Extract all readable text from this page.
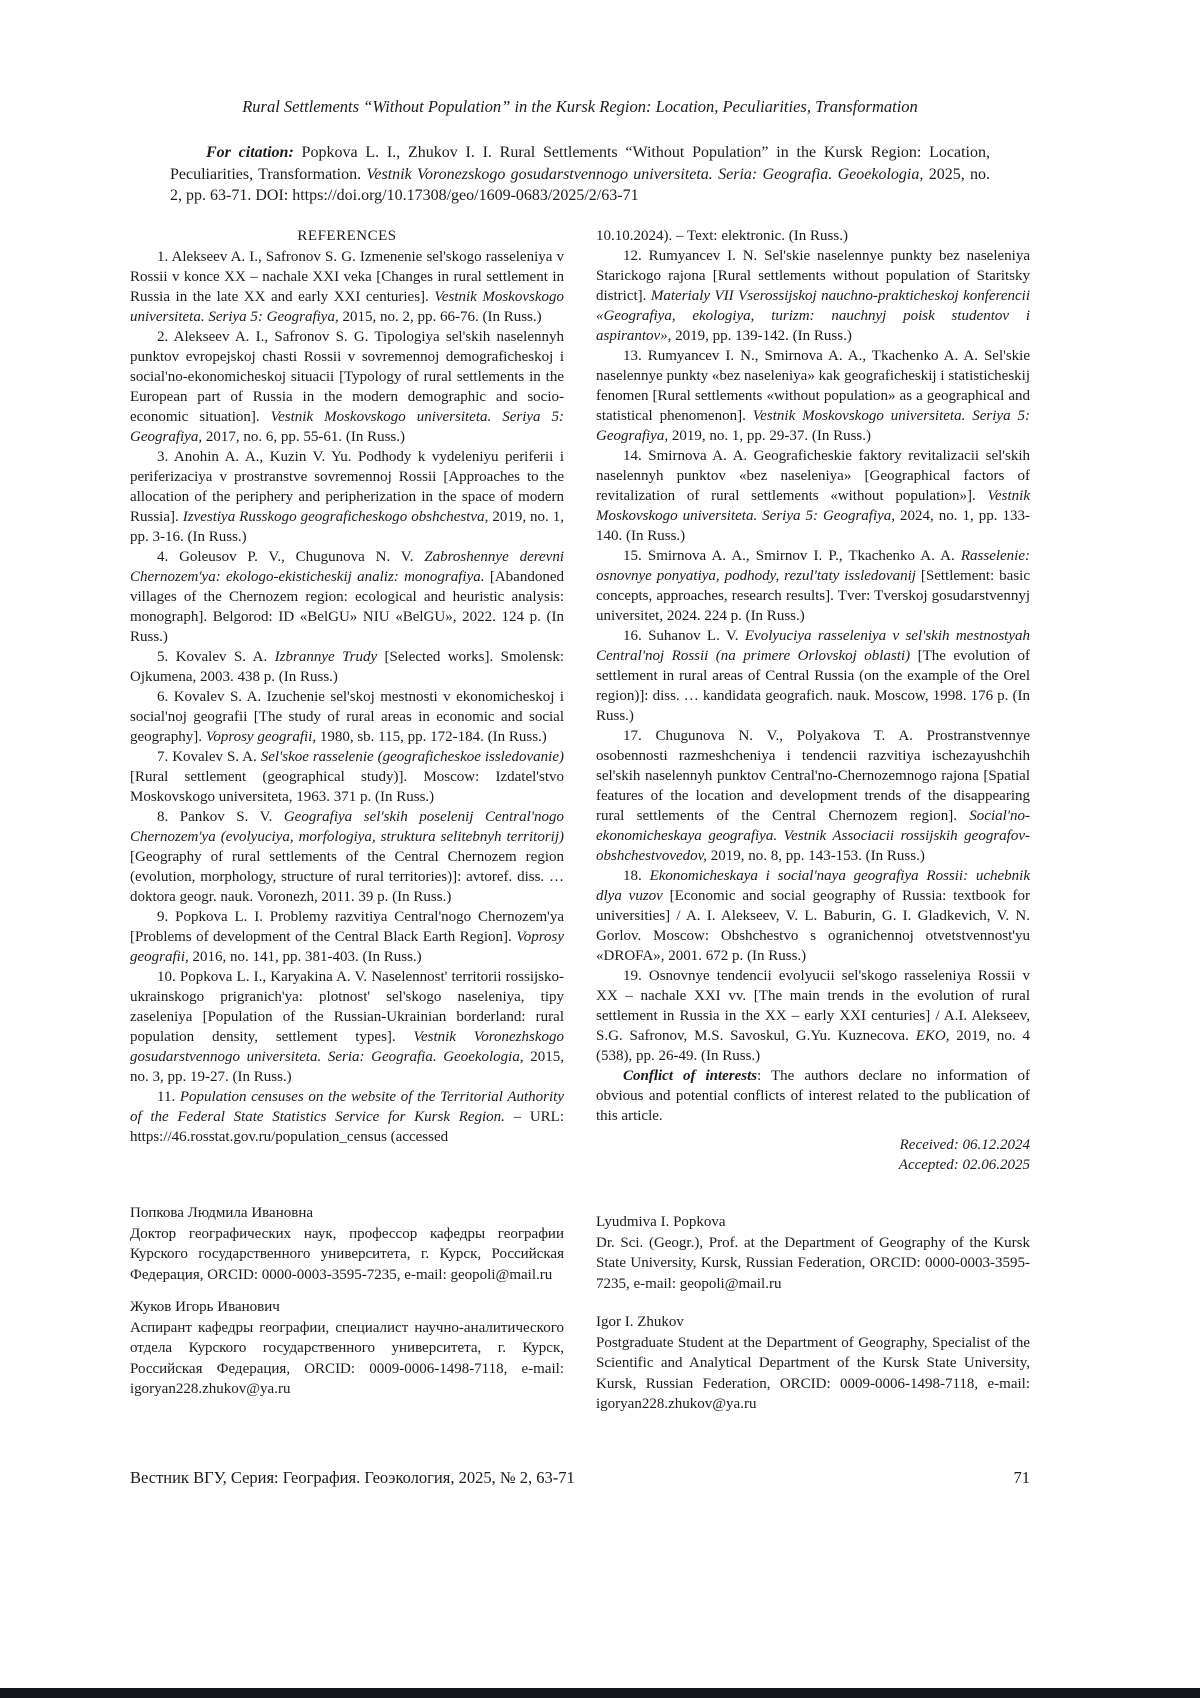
Rural Settlements “Without Population” in the Kursk Region: Location, Peculiarities, Transformation
For citation: Popkova L. I., Zhukov I. I. Rural Settlements “Without Population” in the Kursk Region: Location, Peculiarities, Transformation. Vestnik Voronezskogo gosudarstvennogo universiteta. Seria: Geografia. Geoekologia, 2025, no. 2, pp. 63-71. DOI: https://doi.org/10.17308/geo/1609-0683/2025/2/63-71
REFERENCES

1. Alekseev A. I., Safronov S. G. Izmenenie sel'skogo rasseleniya v Rossii v konce XX – nachale XXI veka [Changes in rural settlement in Russia in the late XX and early XXI centuries]. Vestnik Moskovskogo universiteta. Seriya 5: Geografiya, 2015, no. 2, pp. 66-76. (In Russ.)

2. Alekseev A. I., Safronov S. G. Tipologiya sel'skih naselennyh punktov evropejskoj chasti Rossii v sovremennoj demograficheskoj i social'no-ekonomicheskoj situacii [Typology of rural settlements in the European part of Russia in the modern demographic and socio-economic situation]. Vestnik Moskovskogo universiteta. Seriya 5: Geografiya, 2017, no. 6, pp. 55-61. (In Russ.)

3. Anohin A. A., Kuzin V. Yu. Podhody k vydeleniyu periferii i periferizaciya v prostranstve sovremennoj Rossii [Approaches to the allocation of the periphery and peripherization in the space of modern Russia]. Izvestiya Russkogo geograficheskogo obshchestva, 2019, no. 1, pp. 3-16. (In Russ.)

4. Goleusov P. V., Chugunova N. V. Zabroshennye derevni Chernozem'ya: ekologo-ekisticheskij analiz: monografiya. [Abandoned villages of the Chernozem region: ecological and heuristic analysis: monograph]. Belgorod: ID «BelGU» NIU «BelGU», 2022. 124 p. (In Russ.)

5. Kovalev S. A. Izbrannye Trudy [Selected works]. Smolensk: Ojkumena, 2003. 438 p. (In Russ.)

6. Kovalev S. A. Izuchenie sel'skoj mestnosti v ekonomicheskoj i social'noj geografii [The study of rural areas in economic and social geography]. Voprosy geografii, 1980, sb. 115, pp. 172-184. (In Russ.)

7. Kovalev S. A. Sel'skoe rasselenie (geograficheskoe issledovanie) [Rural settlement (geographical study)]. Moscow: Izdatel'stvo Moskovskogo universiteta, 1963. 371 p. (In Russ.)

8. Pankov S. V. Geografiya sel'skih poselenij Central'nogo Chernozem'ya (evolyuciya, morfologiya, struktura selitebnyh territorij) [Geography of rural settlements of the Central Chernozem region (evolution, morphology, structure of rural territories)]: avtoref. diss. … doktora geogr. nauk. Voronezh, 2011. 39 p. (In Russ.)

9. Popkova L. I. Problemy razvitiya Central'nogo Chernozem'ya [Problems of development of the Central Black Earth Region]. Voprosy geografii, 2016, no. 141, pp. 381-403. (In Russ.)

10. Popkova L. I., Karyakina A. V. Naselennost' territorii rossijsko-ukrainskogo prigranich'ya: plotnost' sel'skogo naseleniya, tipy zaseleniya [Population of the Russian-Ukrainian borderland: rural population density, settlement types]. Vestnik Voronezhskogo gosudarstvennogo universiteta. Seria: Geografia. Geoekologia, 2015, no. 3, pp. 19-27. (In Russ.)

11. Population censuses on the website of the Territorial Authority of the Federal State Statistics Service for Kursk Region. – URL: https://46.rosstat.gov.ru/population_census (accessed

10.10.2024). – Text: elektronic. (In Russ.)

12. Rumyancev I. N. Sel'skie naselennye punkty bez naseleniya Starickogo rajona [Rural settlements without population of Staritsky district]. Materialy VII Vserossijskoj nauchno-prakticheskoj konferencii «Geografiya, ekologiya, turizm: nauchnyj poisk studentov i aspirantov», 2019, pp. 139-142. (In Russ.)

13. Rumyancev I. N., Smirnova A. A., Tkachenko A. A. Sel'skie naselennye punkty «bez naseleniya» kak geograficheskij i statisticheskij fenomen [Rural settlements «without population» as a geographical and statistical phenomenon]. Vestnik Moskovskogo universiteta. Seriya 5: Geografiya, 2019, no. 1, pp. 29-37. (In Russ.)

14. Smirnova A. A. Geograficheskie faktory revitalizacii sel'skih naselennyh punktov «bez naseleniya» [Geographical factors of revitalization of rural settlements «without population»]. Vestnik Moskovskogo universiteta. Seriya 5: Geografiya, 2024, no. 1, pp. 133-140. (In Russ.)

15. Smirnova A. A., Smirnov I. P., Tkachenko A. A. Rasselenie: osnovnye ponyatiya, podhody, rezul'taty issledovanij [Settlement: basic concepts, approaches, research results]. Tver: Tverskoj gosudarstvennyj universitet, 2024. 224 p. (In Russ.)

16. Suhanov L. V. Evolyuciya rasseleniya v sel'skih mestnostyah Central'noj Rossii (na primere Orlovskoj oblasti) [The evolution of settlement in rural areas of Central Russia (on the example of the Orel region)]: diss. … kandidata geografich. nauk. Moscow, 1998. 176 p. (In Russ.)

17. Chugunova N. V., Polyakova T. A. Prostranstvennye osobennosti razmeshcheniya i tendencii razvitiya ischezayushchih sel'skih naselennyh punktov Central'no-Chernozemnogo rajona [Spatial features of the location and development trends of the disappearing rural settlements of the Central Chernozem region]. Social'no-ekonomicheskaya geografiya. Vestnik Associacii rossijskih geografov-obshchestvovedov, 2019, no. 8, pp. 143-153. (In Russ.)

18. Ekonomicheskaya i social'naya geografiya Rossii: uchebnik dlya vuzov [Economic and social geography of Russia: textbook for universities] / A. I. Alekseev, V. L. Baburin, G. I. Gladkevich, V. N. Gorlov. Moscow: Obshchestvo s ogranichennoj otvetstvennost'yu «DROFA», 2001. 672 p. (In Russ.)

19. Osnovnye tendencii evolyucii sel'skogo rasseleniya Rossii v XX – nachale XXI vv. [The main trends in the evolution of rural settlement in Russia in the XX – early XXI centuries] / A.I. Alekseev, S.G. Safronov, M.S. Savoskul, G.Yu. Kuznecova. EKO, 2019, no. 4 (538), pp. 26-49. (In Russ.)

Conflict of interests: The authors declare no information of obvious and potential conflicts of interest related to the publication of this article.

Received: 06.12.2024

Accepted: 02.06.2025

Попкова Людмила Ивановна

Доктор географических наук, профессор кафедры географии Курского государственного университета, г. Курск, Российская Федерация, ORCID: 0000-0003-3595-7235, e-mail: geopoli@mail.ru

Жуков Игорь Иванович

Аспирант кафедры географии, специалист научно-аналитического отдела Курского государственного университета, г. Курск, Российская Федерация, ORCID: 0009-0006-1498-7118, e-mail: igoryan228.zhukov@ya.ru

Lyudmiva I. Popkova

Dr. Sci. (Geogr.), Prof. at the Department of Geography of the Kursk State University, Kursk, Russian Federation, ORCID: 0000-0003-3595-7235, e-mail: geopoli@mail.ru

Igor I. Zhukov

Postgraduate Student at the Department of Geography, Specialist of the Scientific and Analytical Department of the Kursk State University, Kursk, Russian Federation, ORCID: 0009-0006-1498-7118, e-mail: igoryan228.zhukov@ya.ru

Вестник ВГУ, Серия: География. Геоэкология, 2025, № 2, 63-71	71
